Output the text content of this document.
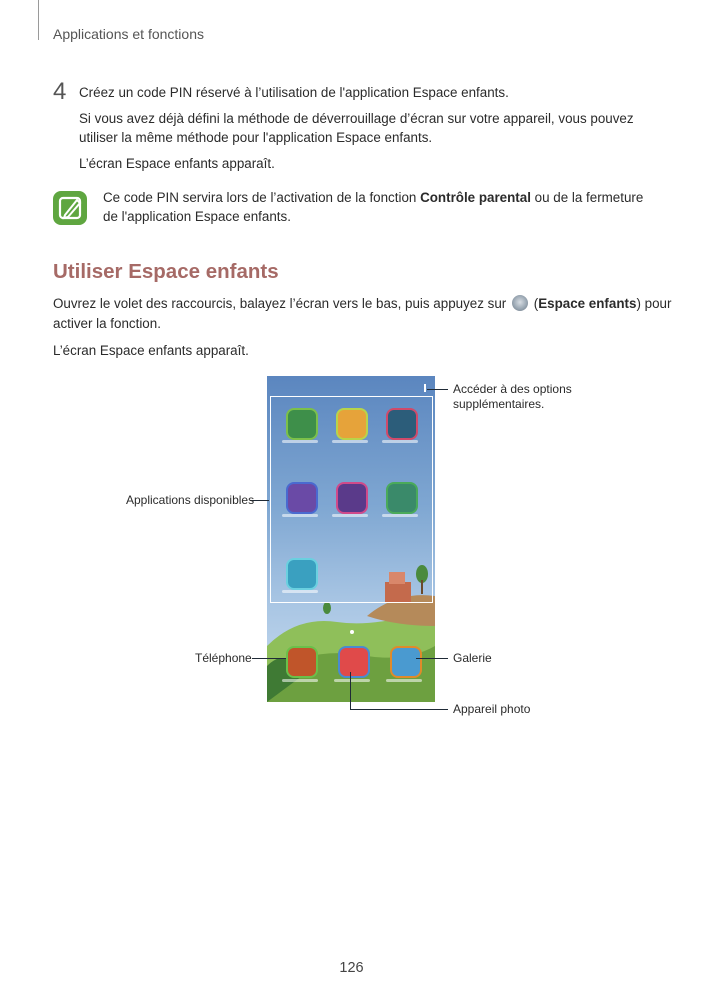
Applications et fonctions
4 Créez un code PIN réservé à l’utilisation de l'application Espace enfants.

Si vous avez déjà défini la méthode de déverrouillage d’écran sur votre appareil, vous pouvez

utiliser la même méthode pour l'application Espace enfants.

L’écran Espace enfants apparaît.

Ce code PIN servira lors de l’activation de la fonction Contrôle parental ou de la fermeture

de l'application Espace enfants.

Utiliser Espace enfants

Ouvrez le volet des raccourcis, balayez l’écran vers le bas, puis appuyez sur  (Espace enfants) pour

activer la fonction.

L’écran Espace enfants apparaît.

Accéder à des options
supplémentaires.
Applications disponibles
Téléphone	Galerie
Appareil photo
126
